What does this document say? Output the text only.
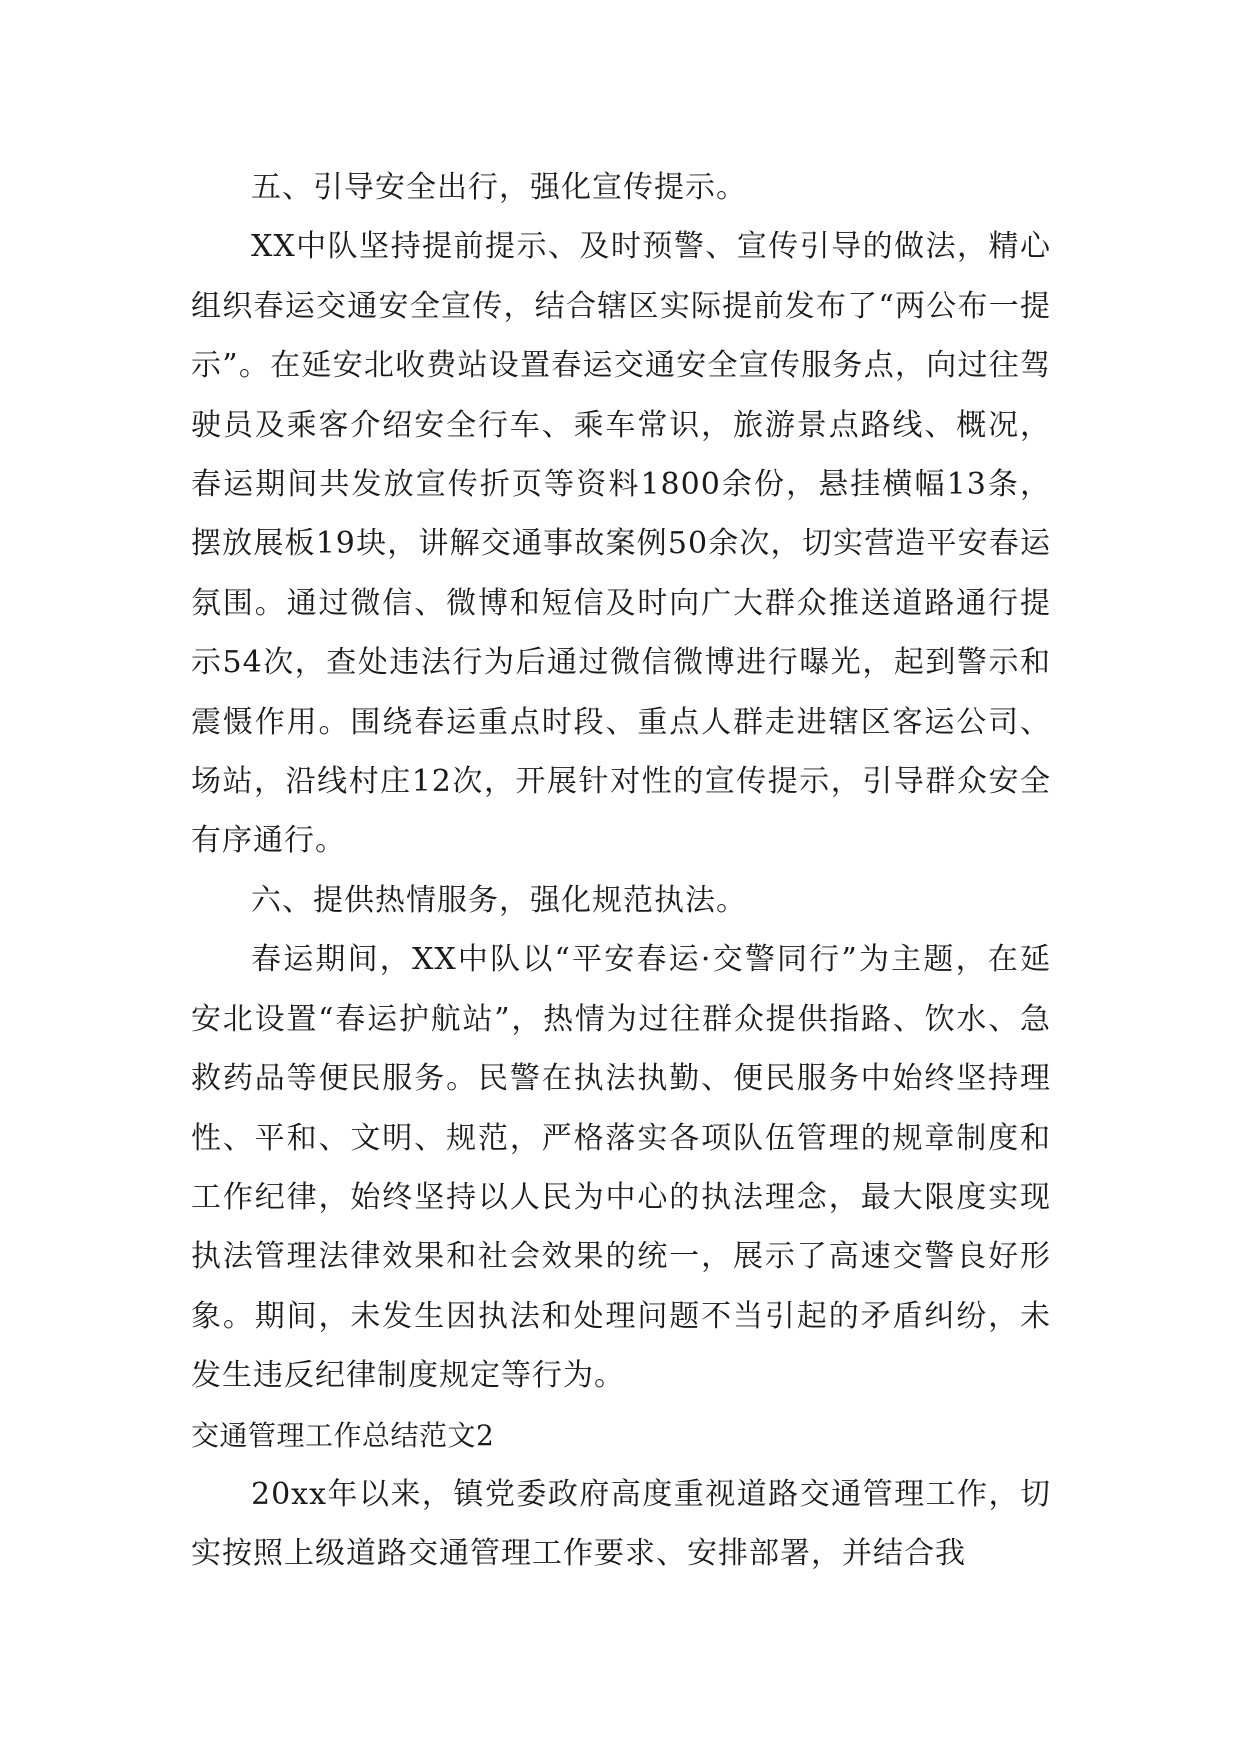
五、引导安全出行，强化宣传提示。

XX中队坚持提前提示、及时预警、宣传引导的做法，精心组织春运交通安全宣传，结合辖区实际提前发布了“两公布一提示”。在延安北收费站设置春运交通安全宣传服务点，向过往驾驶员及乘客介绍安全行车、乘车常识，旅游景点路线、概况，春运期间共发放宣传折页等资料1800余份，悬挂横幅13条，摆放展板19块，讲解交通事故案例50余次，切实营造平安春运氛围。通过微信、微博和短信及时向广大群众推送道路通行提示54次，查处违法行为后通过微信微博进行曝光，起到警示和震慑作用。围绕春运重点时段、重点人群走进辖区客运公司、场站，沿线村庄12次，开展针对性的宣传提示，引导群众安全有序通行。

六、提供热情服务，强化规范执法。

春运期间，XX中队以“平安春运·交警同行”为主题，在延安北设置“春运护航站”，热情为过往群众提供指路、饮水、急救药品等便民服务。民警在执法执勤、便民服务中始终坚持理性、平和、文明、规范，严格落实各项队伍管理的规章制度和工作纪律，始终坚持以人民为中心的执法理念，最大限度实现执法管理法律效果和社会效果的统一，展示了高速交警良好形象。期间，未发生因执法和处理问题不当引起的矛盾纠纷，未发生违反纪律制度规定等行为。

交通管理工作总结范文2

20xx年以来，镇党委政府高度重视道路交通管理工作，切实按照上级道路交通管理工作要求、安排部署，并结合我
